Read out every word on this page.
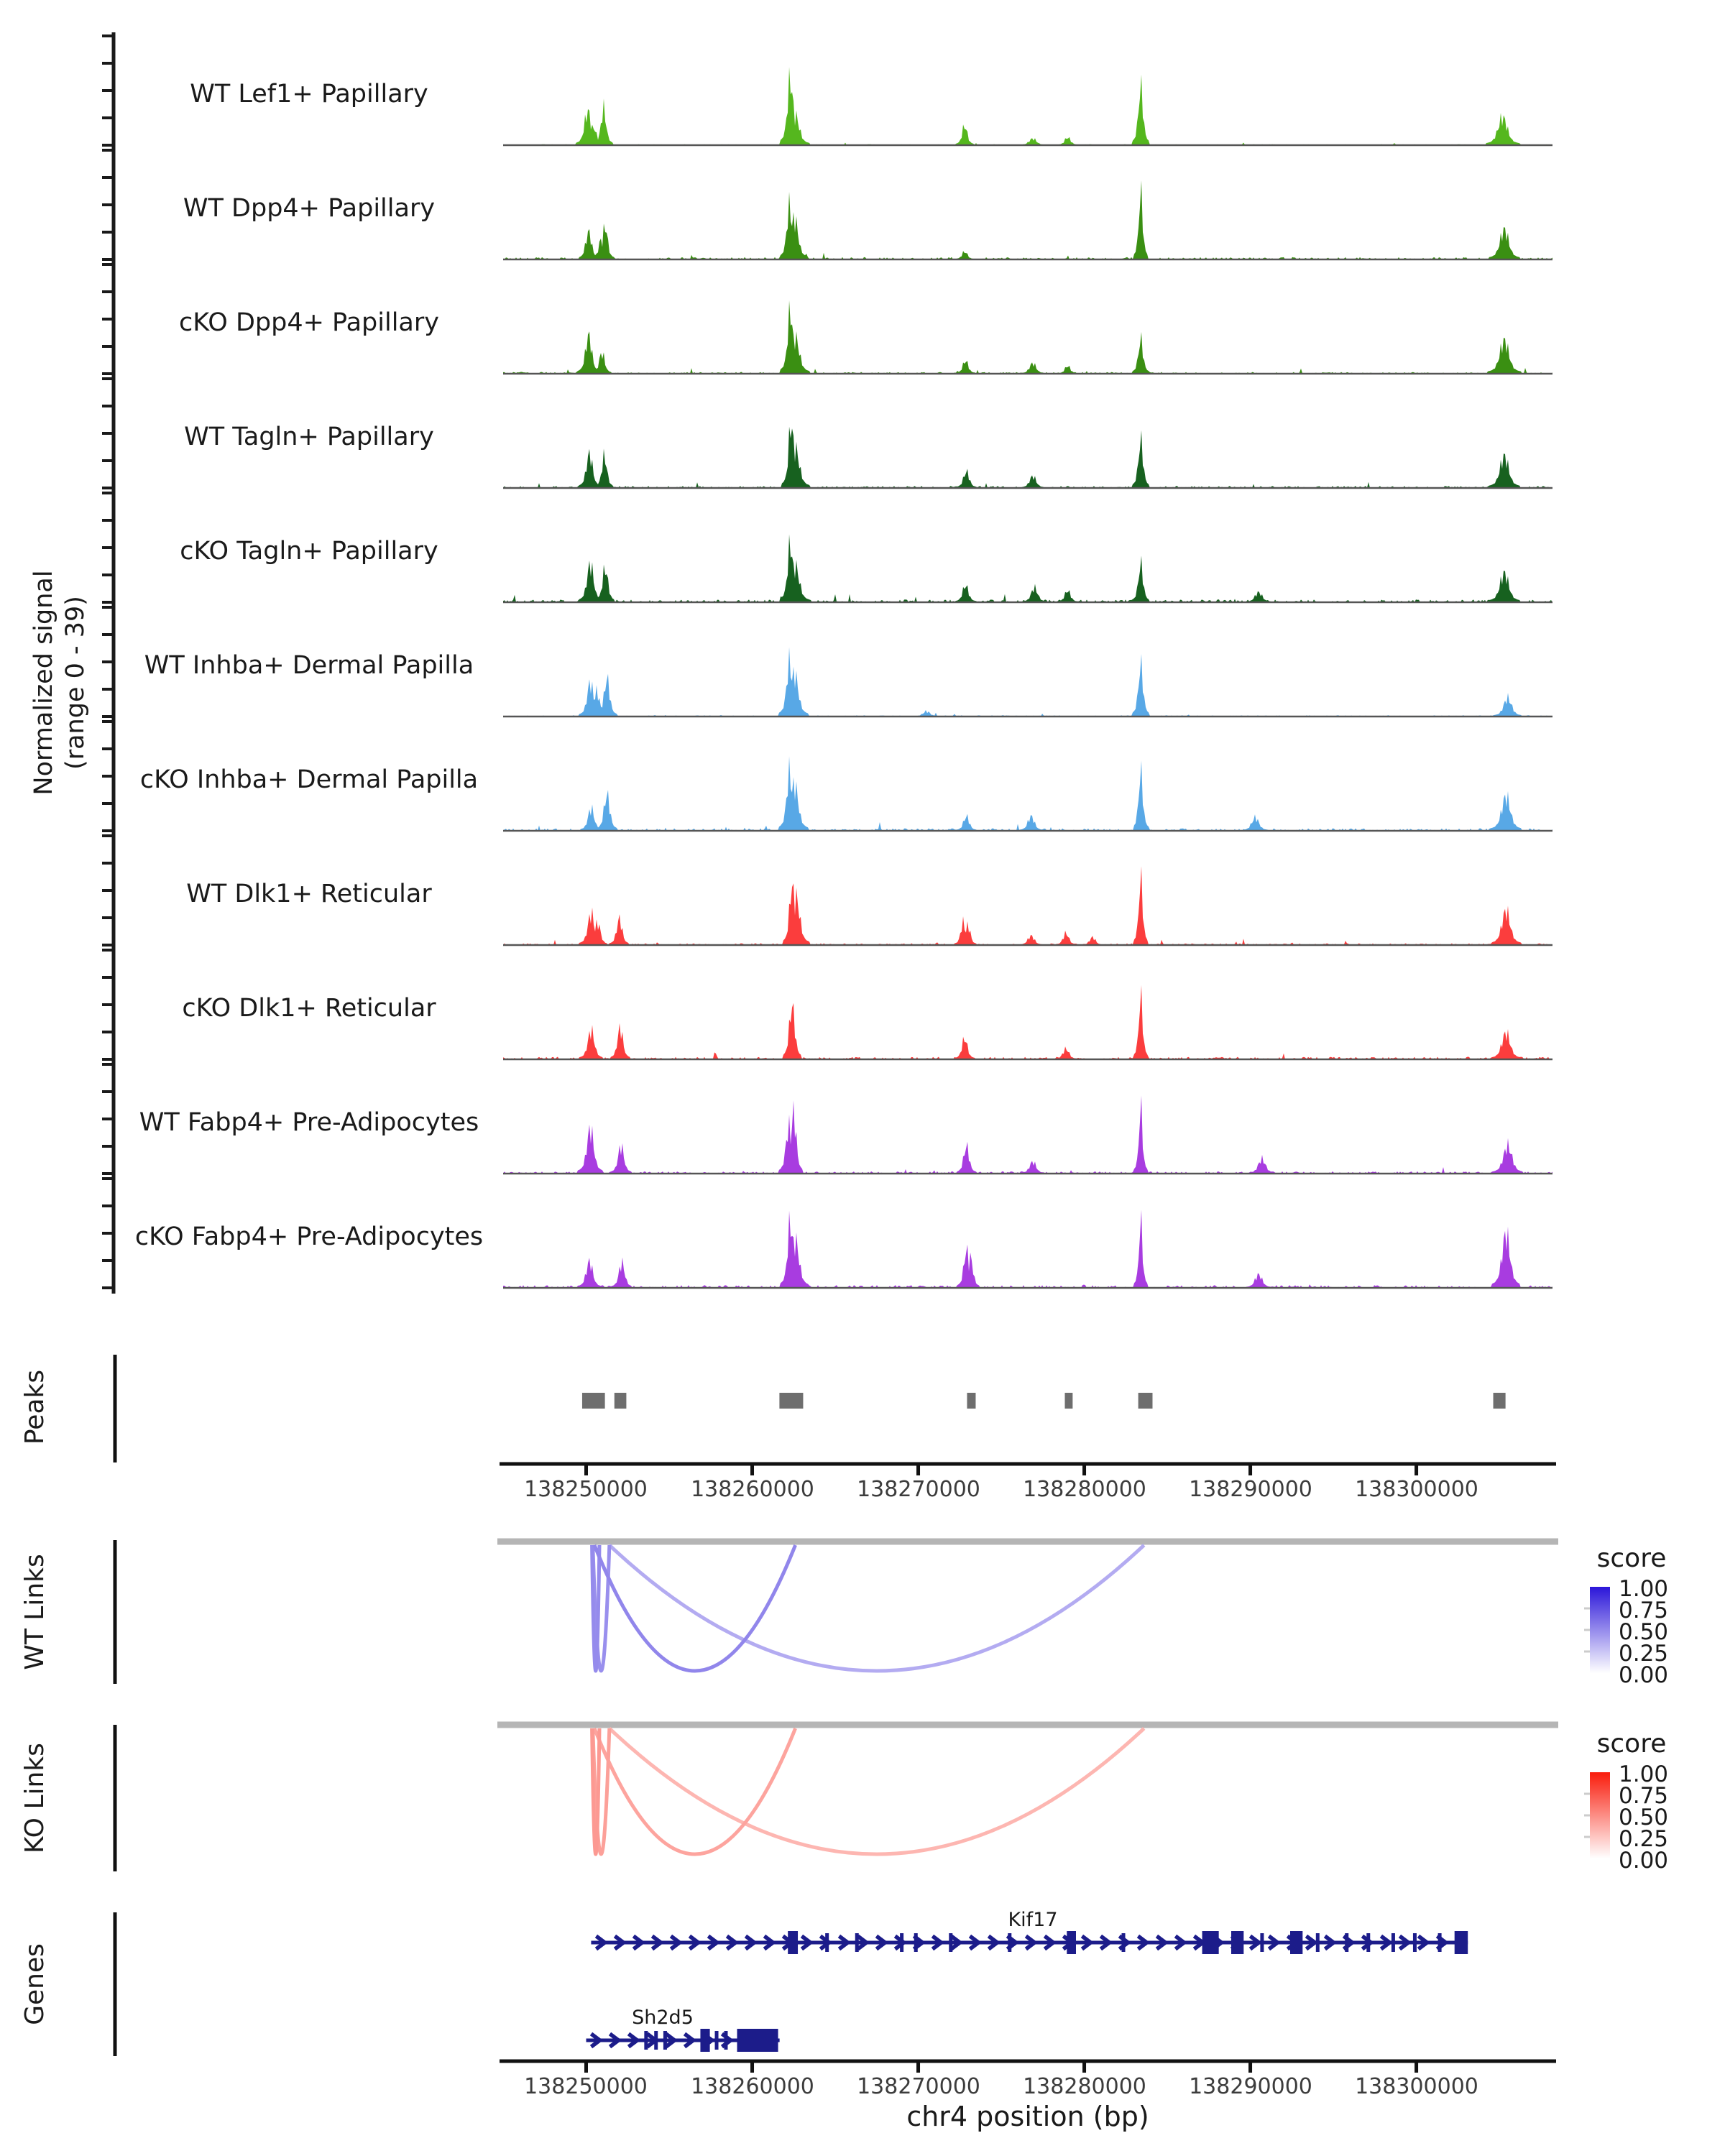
Normalized signal (range 0 - 39)
WT Lef1+ Papillary
WT Dpp4+ Papillary
cKO Dpp4+ Papillary
WT Tagln+ Papillary
cKO Tagln+ Papillary
WT Inhba+ Dermal Papilla
cKO Inhba+ Dermal Papilla
WT Dlk1+ Reticular
cKO Dlk1+ Reticular
WT Fabp4+ Pre-Adipocytes
cKO Fabp4+ Pre-Adipocytes
Peaks
WT Links
KO Links
Genes
138250000 138260000 138270000 138280000 138290000 138300000
score
1.00
0.75
0.50
0.25
0.00
score
1.00
0.75
0.50
0.25
0.00
Kif17
Sh2d5
138250000 138260000 138270000 138280000 138290000 138300000
chr4 position (bp)
